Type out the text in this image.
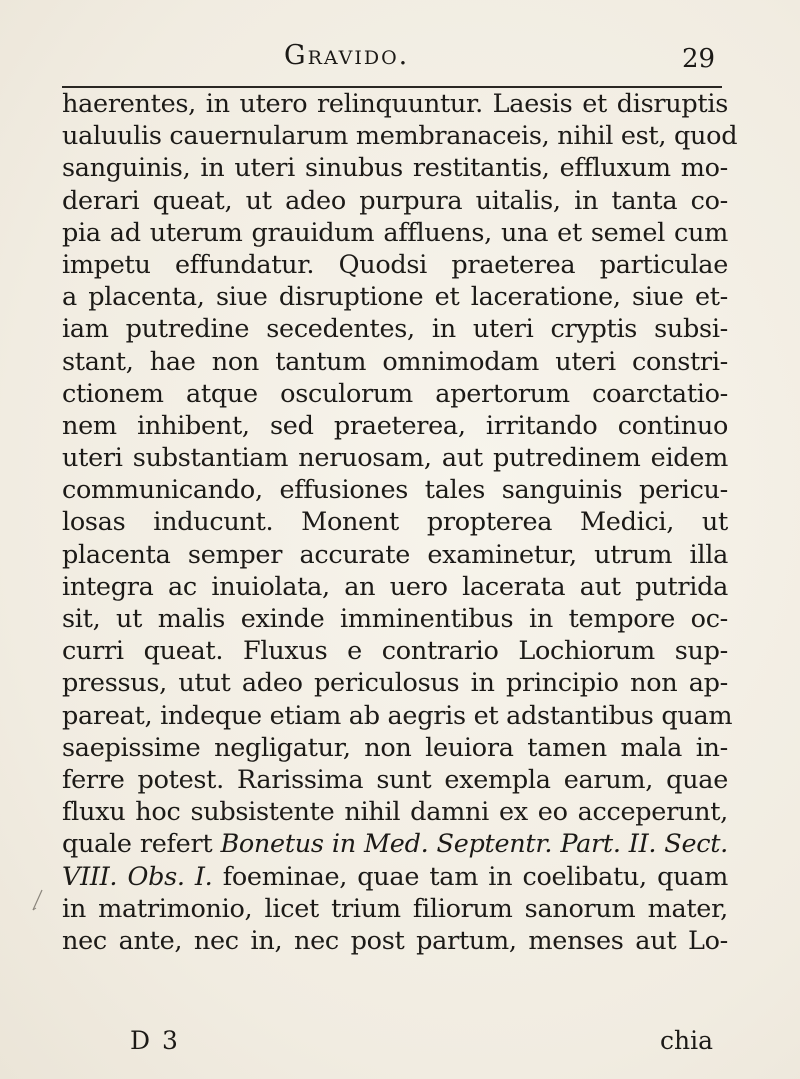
Gravido.	29
haerentes, in utero relinquuntur. Laesis et disruptis
ualuulis cauernularum membranaceis, nihil est, quod
sanguinis, in uteri sinubus restitantis, effluxum mo-
derari queat, ut adeo purpura uitalis, in tanta co-
pia ad uterum grauidum affluens, una et semel cum
impetu effundatur. Quodsi praeterea particulae
a placenta, siue disruptione et laceratione, siue et-
iam putredine secedentes, in uteri cryptis subsi-
stant, hae non tantum omnimodam uteri constri-
ctionem atque osculorum apertorum coarctatio-
nem inhibent, sed praeterea, irritando continuo
uteri substantiam neruosam, aut putredinem eidem
communicando, effusiones tales sanguinis pericu-
losas inducunt. Monent propterea Medici, ut
placenta semper accurate examinetur, utrum illa
integra ac inuiolata, an uero lacerata aut putrida
sit, ut malis exinde imminentibus in tempore oc-
curri queat. Fluxus e contrario Lochiorum sup-
pressus, utut adeo periculosus in principio non ap-
pareat, indeque etiam ab aegris et adstantibus quam
saepissime negligatur, non leuiora tamen mala in-
ferre potest. Rarissima sunt exempla earum, quae
fluxu hoc subsistente nihil damni ex eo acceperunt,
quale refert Bonetus in Med. Septentr. Part. II. Sect.
VIII. Obs. I. foeminae, quae tam in coelibatu, quam
in matrimonio, licet trium filiorum sanorum mater,
nec ante, nec in, nec post partum, menses aut Lo-
D 3	chia
